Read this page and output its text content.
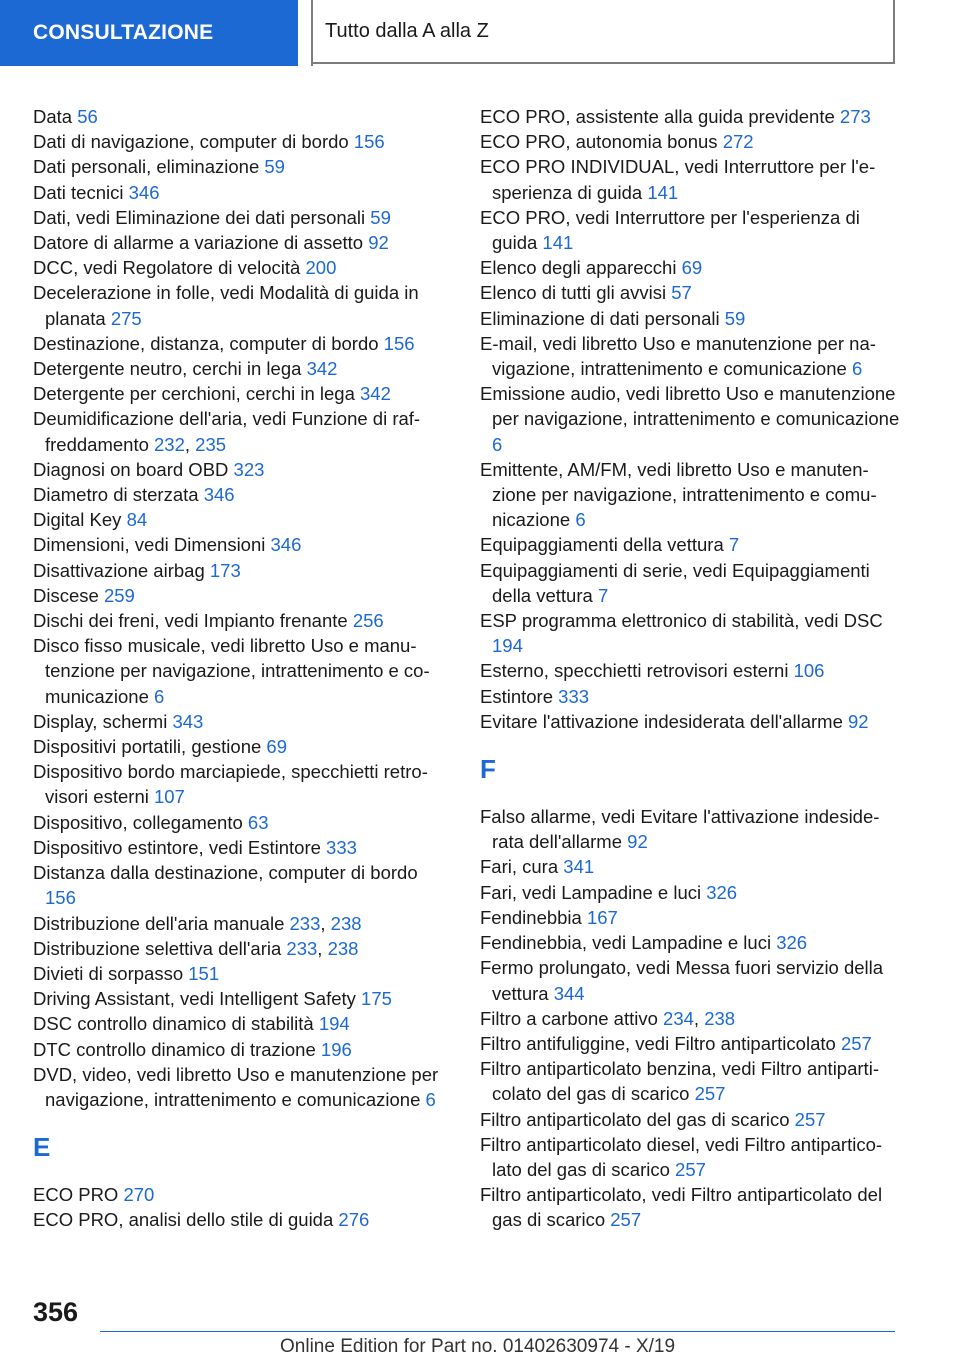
CONSULTAZIONE	Tutto dalla A alla Z
Data 56
Dati di navigazione, computer di bordo 156
Dati personali, eliminazione 59
Dati tecnici 346
Dati, vedi Eliminazione dei dati personali 59
Datore di allarme a variazione di assetto 92
DCC, vedi Regolatore di velocità 200
Decelerazione in folle, vedi Modalità di guida in planata 275
Destinazione, distanza, computer di bordo 156
Detergente neutro, cerchi in lega 342
Detergente per cerchioni, cerchi in lega 342
Deumidificazione dell'aria, vedi Funzione di raffreddamento 232, 235
Diagnosi on board OBD 323
Diametro di sterzata 346
Digital Key 84
Dimensioni, vedi Dimensioni 346
Disattivazione airbag 173
Discese 259
Dischi dei freni, vedi Impianto frenante 256
Disco fisso musicale, vedi libretto Uso e manutenzione per navigazione, intrattenimento e comunicazione 6
Display, schermi 343
Dispositivi portatili, gestione 69
Dispositivo bordo marciapiede, specchietti retrovisori esterni 107
Dispositivo, collegamento 63
Dispositivo estintore, vedi Estintore 333
Distanza dalla destinazione, computer di bordo 156
Distribuzione dell'aria manuale 233, 238
Distribuzione selettiva dell'aria 233, 238
Divieti di sorpasso 151
Driving Assistant, vedi Intelligent Safety 175
DSC controllo dinamico di stabilità 194
DTC controllo dinamico di trazione 196
DVD, video, vedi libretto Uso e manutenzione per navigazione, intrattenimento e comunicazione 6
E
ECO PRO 270
ECO PRO, analisi dello stile di guida 276
ECO PRO, assistente alla guida previdente 273
ECO PRO, autonomia bonus 272
ECO PRO INDIVIDUAL, vedi Interruttore per l'esperienza di guida 141
ECO PRO, vedi Interruttore per l'esperienza di guida 141
Elenco degli apparecchi 69
Elenco di tutti gli avvisi 57
Eliminazione di dati personali 59
E-mail, vedi libretto Uso e manutenzione per navigazione, intrattenimento e comunicazione 6
Emissione audio, vedi libretto Uso e manutenzione per navigazione, intrattenimento e comunicazione 6
Emittente, AM/FM, vedi libretto Uso e manutenzione per navigazione, intrattenimento e comunicazione 6
Equipaggiamenti della vettura 7
Equipaggiamenti di serie, vedi Equipaggiamenti della vettura 7
ESP programma elettronico di stabilità, vedi DSC 194
Esterno, specchietti retrovisori esterni 106
Estintore 333
Evitare l'attivazione indesiderata dell'allarme 92
F
Falso allarme, vedi Evitare l'attivazione indesiderata dell'allarme 92
Fari, cura 341
Fari, vedi Lampadine e luci 326
Fendinebbia 167
Fendinebbia, vedi Lampadine e luci 326
Fermo prolungato, vedi Messa fuori servizio della vettura 344
Filtro a carbone attivo 234, 238
Filtro antifuliggine, vedi Filtro antiparticolato 257
Filtro antiparticolato benzina, vedi Filtro antiparticolato del gas di scarico 257
Filtro antiparticolato del gas di scarico 257
Filtro antiparticolato diesel, vedi Filtro antiparticolato del gas di scarico 257
Filtro antiparticolato, vedi Filtro antiparticolato del gas di scarico 257
356
Online Edition for Part no. 01402630974 - X/19
